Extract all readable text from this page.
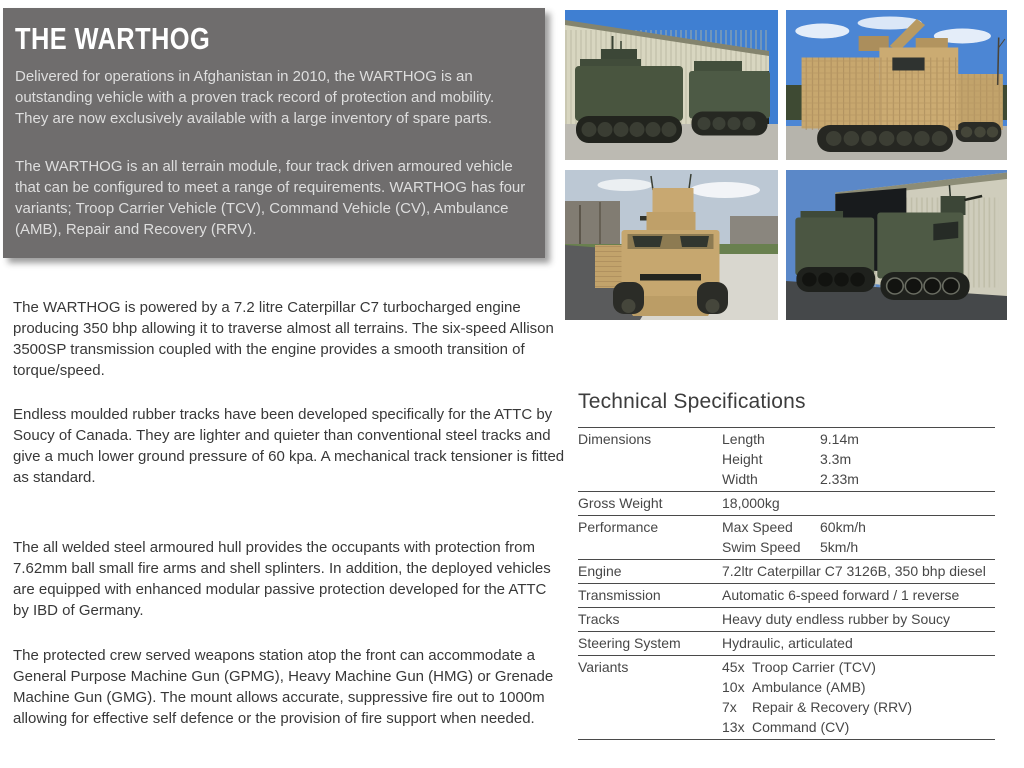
THE WARTHOG

Delivered for operations in Afghanistan in 2010, the WARTHOG is an outstanding vehicle with a proven track record of protection and mobility. They are now exclusively available with a large inventory of spare parts.

The WARTHOG is an all terrain module, four track driven armoured vehicle that can be configured to meet a range of requirements. WARTHOG has four variants; Troop Carrier Vehicle (TCV), Command Vehicle (CV), Ambulance (AMB), Repair and Recovery (RRV).

The WARTHOG is powered by a 7.2 litre Caterpillar C7 turbocharged engine producing 350 bhp allowing it to traverse almost all terrains. The six-speed Allison 3500SP transmission coupled with the engine provides a smooth transition of torque/speed.
Endless moulded rubber tracks have been developed specifically for the ATTC by Soucy of Canada. They are lighter and quieter than conventional steel tracks and give a much lower ground pressure of 60 kpa. A mechanical track tensioner is fitted as standard.
The all welded steel armoured hull provides the occupants with protection from 7.62mm ball small fire arms and shell splinters. In addition, the deployed vehicles are equipped with enhanced modular passive protection developed for the ATTC by IBD of Germany.
The protected crew served weapons station atop the front can accommodate a General Purpose Machine Gun (GPMG), Heavy Machine Gun (HMG) or Grenade Machine Gun (GMG). The mount allows accurate, suppressive fire out to 1000m allowing for effective self defence or the provision of fire support when needed.
Technical Specifications
Dimensions	Length	9.14m
Height	3.3m
Width	2.33m
Gross Weight	18,000kg
Performance	Max Speed	60km/h
Swim Speed	5km/h
Engine	7.2ltr Caterpillar C7 3126B, 350 bhp diesel
Transmission	Automatic 6-speed forward / 1 reverse
Tracks	Heavy duty endless rubber by Soucy
Steering System	Hydraulic, articulated
Variants	45x Troop Carrier (TCV)
10x Ambulance (AMB)
7x	Repair & Recovery (RRV)
13x Command (CV)
